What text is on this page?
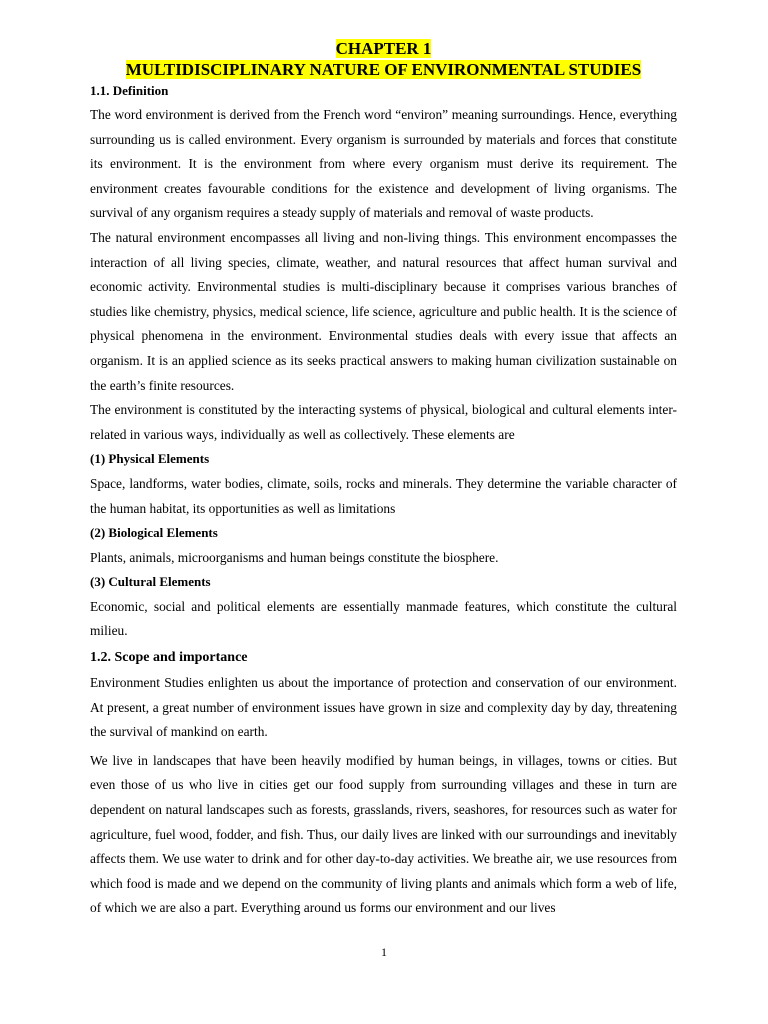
CHAPTER 1
MULTIDISCIPLINARY NATURE OF ENVIRONMENTAL STUDIES
1.1. Definition

The word environment is derived from the French word “environ” meaning surroundings. Hence, everything surrounding us is called environment. Every organism is surrounded by materials and forces that constitute its environment. It is the environment from where every organism must derive its requirement. The environment creates favourable conditions for the existence and development of living organisms. The survival of any organism requires a steady supply of materials and removal of waste products.

The natural environment encompasses all living and non-living things. This environment encompasses the interaction of all living species, climate, weather, and natural resources that affect human survival and economic activity. Environmental studies is multi-disciplinary because it comprises various branches of studies like chemistry, physics, medical science, life science, agriculture and public health. It is the science of physical phenomena in the environment. Environmental studies deals with every issue that affects an organism. It is an applied science as its seeks practical answers to making human civilization sustainable on the earth’s finite resources.

The environment is constituted by the interacting systems of physical, biological and cultural elements inter-related in various ways, individually as well as collectively. These elements are

(1) Physical Elements

Space, landforms, water bodies, climate, soils, rocks and minerals. They determine the variable character of the human habitat, its opportunities as well as limitations

(2) Biological Elements

Plants, animals, microorganisms and human beings constitute the biosphere.

(3) Cultural Elements

Economic, social and political elements are essentially manmade features, which constitute the cultural milieu.

1.2. Scope and importance

Environment Studies enlighten us about the importance of protection and conservation of our environment. At present, a great number of environment issues have grown in size and complexity day by day, threatening the survival of mankind on earth.

We live in landscapes that have been heavily modified by human beings, in villages, towns or cities. But even those of us who live in cities get our food supply from surrounding villages and these in turn are dependent on natural landscapes such as forests, grasslands, rivers, seashores, for resources such as water for agriculture, fuel wood, fodder, and fish. Thus, our daily lives are linked with our surroundings and inevitably affects them. We use water to drink and for other day-to-day activities. We breathe air, we use resources from which food is made and we depend on the community of living plants and animals which form a web of life, of which we are also a part. Everything around us forms our environment and our lives

1
